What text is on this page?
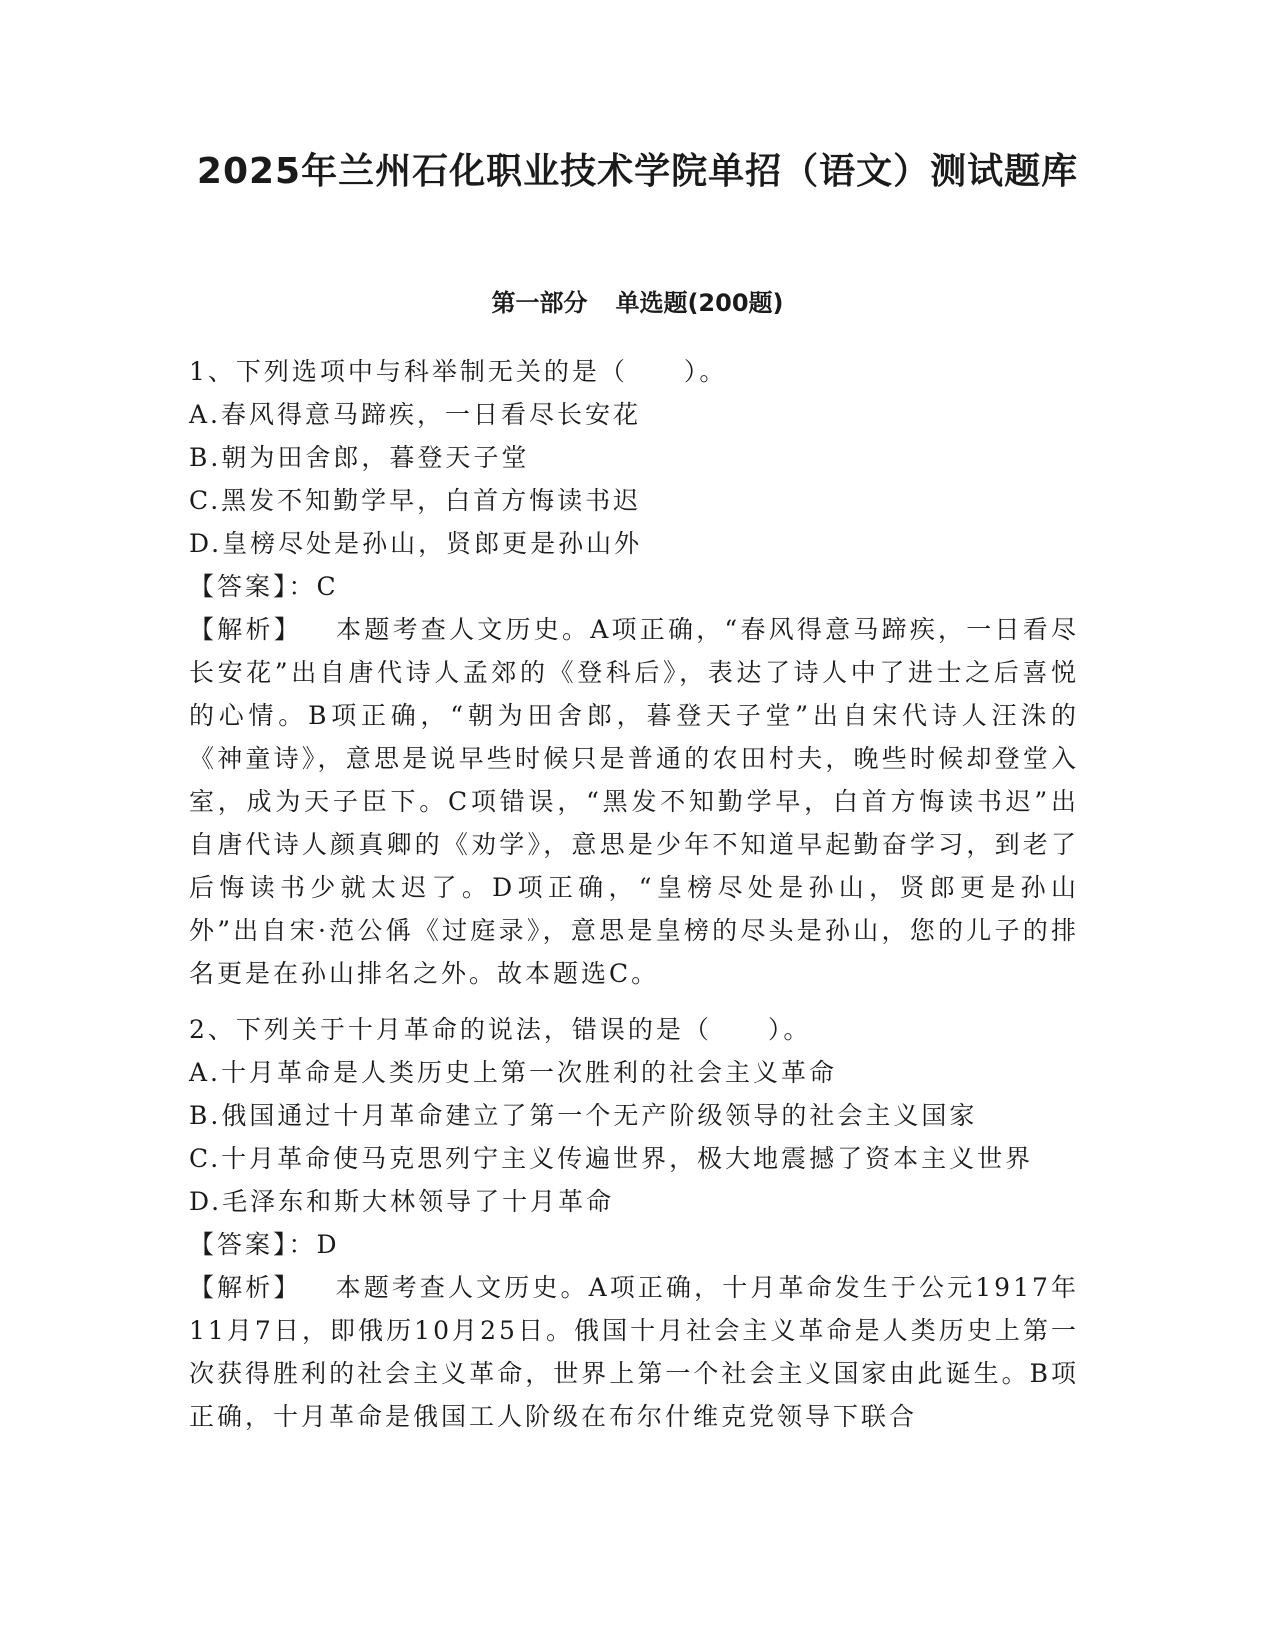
2025年兰州石化职业技术学院单招（语文）测试题库
第一部分 单选题(200题)

1、下列选项中与科举制无关的是（　　）。

A.春风得意马蹄疾，一日看尽长安花

B.朝为田舍郎，暮登天子堂

C.黑发不知勤学早，白首方悔读书迟

D.皇榜尽处是孙山，贤郎更是孙山外

【答案】：C

【解析】 本题考查人文历史。A项正确，“春风得意马蹄疾，一日看尽长安花”出自唐代诗人孟郊的《登科后》，表达了诗人中了进士之后喜悦的心情。B项正确，“朝为田舍郎，暮登天子堂”出自宋代诗人汪洙的《神童诗》，意思是说早些时候只是普通的农田村夫，晚些时候却登堂入室，成为天子臣下。C项错误，“黑发不知勤学早，白首方悔读书迟”出自唐代诗人颜真卿的《劝学》，意思是少年不知道早起勤奋学习，到老了后悔读书少就太迟了。D项正确，“皇榜尽处是孙山，贤郎更是孙山外”出自宋·范公偁《过庭录》，意思是皇榜的尽头是孙山，您的儿子的排名更是在孙山排名之外。故本题选C。

2、下列关于十月革命的说法，错误的是（　　）。

A.十月革命是人类历史上第一次胜利的社会主义革命

B.俄国通过十月革命建立了第一个无产阶级领导的社会主义国家

C.十月革命使马克思列宁主义传遍世界，极大地震撼了资本主义世界

D.毛泽东和斯大林领导了十月革命

【答案】：D

【解析】 本题考查人文历史。A项正确，十月革命发生于公元1917年11月7日，即俄历10月25日。俄国十月社会主义革命是人类历史上第一次获得胜利的社会主义革命，世界上第一个社会主义国家由此诞生。B项正确，十月革命是俄国工人阶级在布尔什维克党领导下联合
